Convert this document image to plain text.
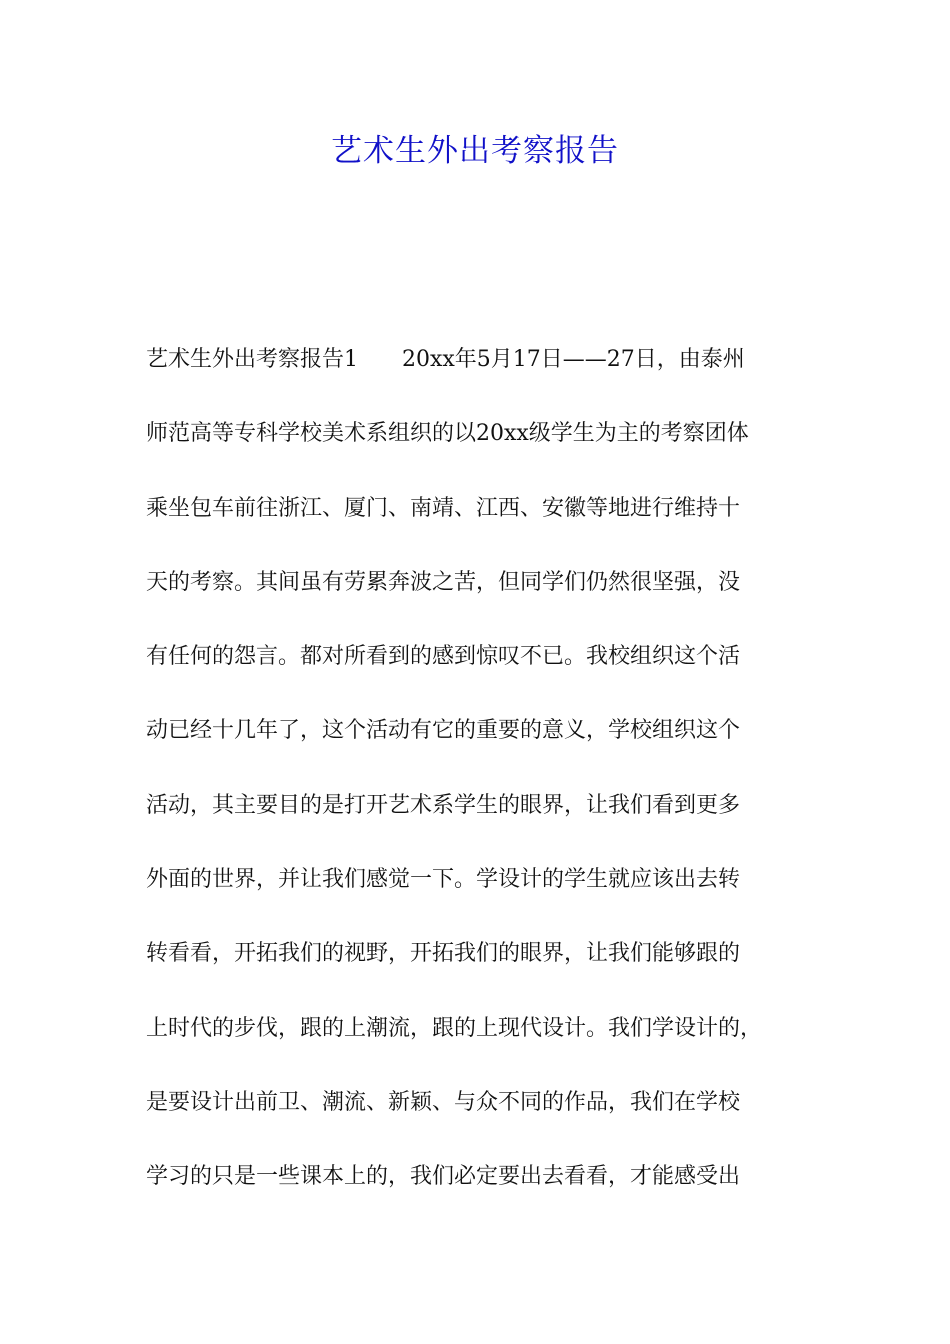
艺术生外出考察报告
艺术生外出考察报告1　　20xx年5月17日——27日，由泰州
师范高等专科学校美术系组织的以20xx级学生为主的考察团体
乘坐包车前往浙江、厦门、南靖、江西、安徽等地进行维持十
天的考察。其间虽有劳累奔波之苦，但同学们仍然很坚强，没
有任何的怨言。都对所看到的感到惊叹不已。我校组织这个活
动已经十几年了，这个活动有它的重要的意义，学校组织这个
活动，其主要目的是打开艺术系学生的眼界，让我们看到更多
外面的世界，并让我们感觉一下。学设计的学生就应该出去转
转看看，开拓我们的视野，开拓我们的眼界，让我们能够跟的
上时代的步伐，跟的上潮流，跟的上现代设计。我们学设计的，
是要设计出前卫、潮流、新颖、与众不同的作品，我们在学校
学习的只是一些课本上的，我们必定要出去看看，才能感受出
